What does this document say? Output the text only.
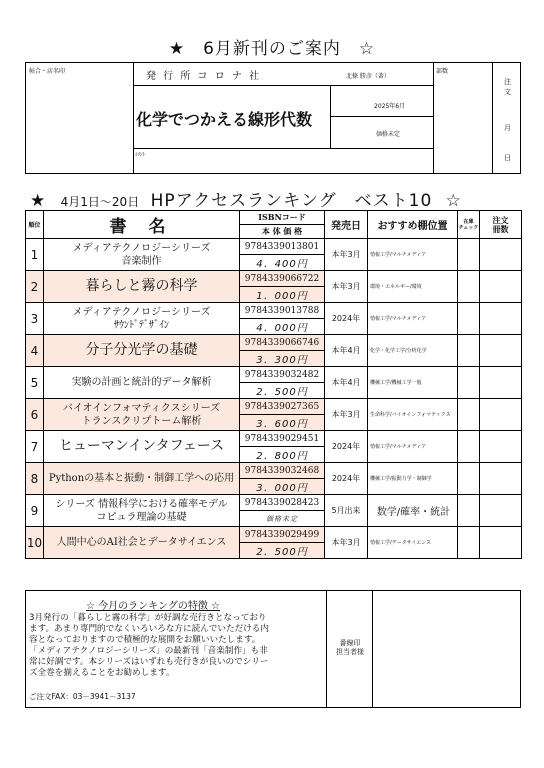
★　6月新刊のご案内　☆
帖合・店名印	発 行 所 コ ロ ナ 社	北條 勝彦（著）
部数
化学でつかえる線形代数
2025年6月
価格未定
ｺﾒﾝﾄ
注
文
月
日
★ 4月1日～20日 HPアクセスランキング　ベスト10 ☆
順位	書 名	ISBNコード	発売日	おすすめ棚位置	在庫
チェック	注文
冊数
		本 体 価 格				
1	メディアテクノロジーシリーズ
音楽制作	9784339013801	本年3月	情報工学/マルチメディア		
		4．400円				
2	暮らしと霧の科学	9784339066722	本年3月	環境・エネルギー/環境		
		1．000円				
3	メディアテクノロジーシリーズ
ｻｳﾝﾄﾞﾃﾞｻﾞｲﾝ	9784339013788	2024年	情報工学/マルチメディア		
		4．000円				
4	分子分光学の基礎	9784339066746	本年4月	化学・化学工学/分析化学		
		3．300円				
5	実験の計画と統計的データ解析	9784339032482	本年4月	機械工学/機械工学一般		
		2．500円				
6	バイオインフォマティクスシリーズ
トランスクリプトーム解析	9784339027365	本年3月	生命科学/バイオインフォマティクス		
		3．600円				
7	ヒューマンインタフェース	9784339029451	2024年	情報工学/マルチメディア		
		2．800円				
8	Pythonの基本と振動・制御工学への応用	9784339032468	2024年	機械工学/振動力学・制御学		
		3．000円				
9	シリーズ 情報科学における確率モデル
コピュラ理論の基礎	9784339028423	5月出来	数学/確率・統計		
		価格未定				
10	人間中心のAI社会とデータサイエンス	9784339029499	本年3月	情報工学/データサイエンス		
		2．500円				
☆ 今月のランキングの特徴 ☆
3月発行の「暮らしと霧の科学」が好調な売行きとなっており
ます。あまり専門的でなくいろいろな方に読んでいただける内
容となっておりますので積極的な展開をお願いいたします。
「メディアテクノロジーシリーズ」の最新刊「音楽制作」も非
常に好調です。本シリーズはいずれも売行きが良いのでシリー
ズ全巻を揃えることをお勧めします。
ご注文FAX：03－3941－3137
番線印
担当者様
